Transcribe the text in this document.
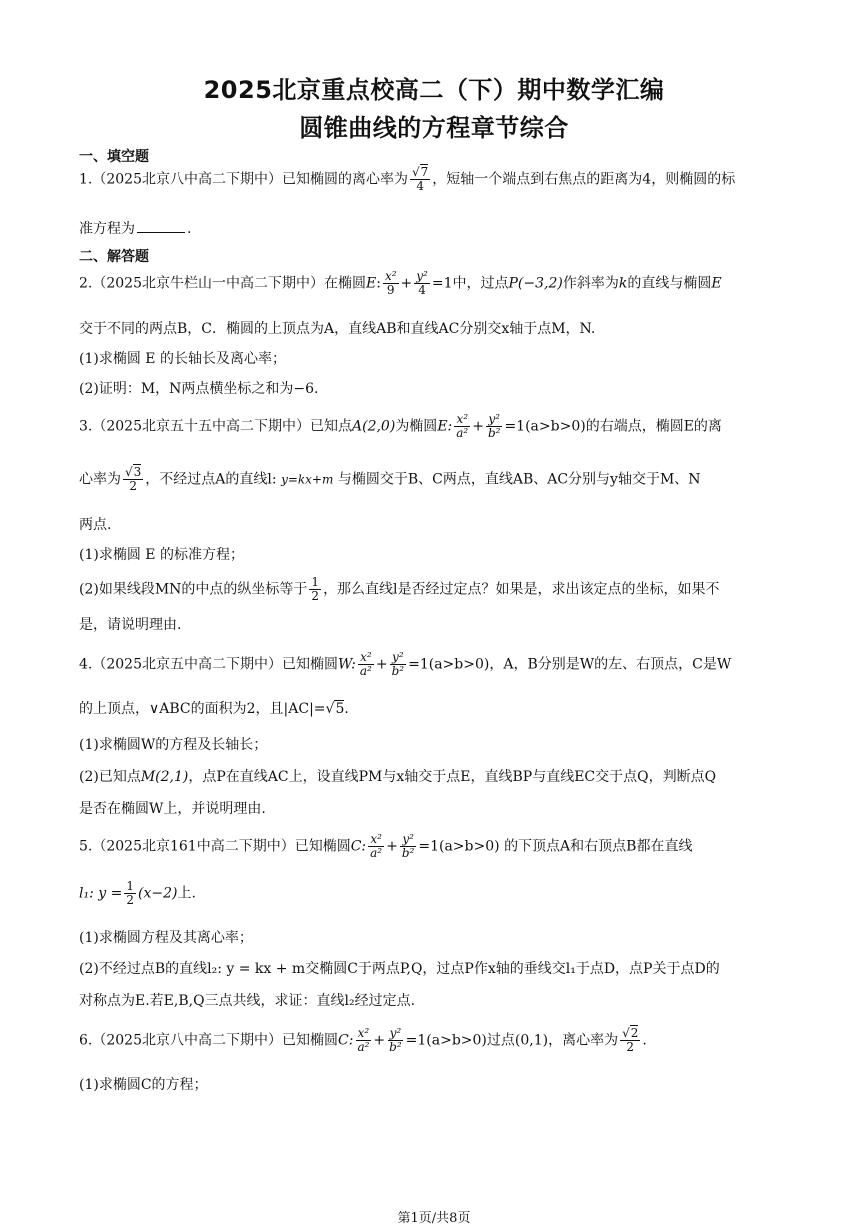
2025北京重点校高二（下）期中数学汇编
圆锥曲线的方程章节综合
一、填空题
1.（2025北京八中高二下期中）已知椭圆的离心率为 $\frac{√7}{4}$ ，短轴一个端点到右焦点的距离为4，则椭圆的标
准方程为	.
二、解答题
2.（2025北京牛栏山一中高二下期中）在椭圆E: $\frac{\text{x²}}{9} + \frac{\text{y²}}{4} =1$中，过点P(−3,2)作斜率为k的直线与椭圆E
交于不同的两点B，C．椭圆的上顶点为A，直线AB和直线AC分别交x轴于点M，N.
(1)求椭圆 E 的长轴长及离心率；
(2)证明：M，N两点横坐标之和为−6.
3.（2025北京五十五中高二下期中）已知点A(2,0)为椭圆E: $\frac{\text{x²}}{\text{a²}} + \frac{\text{y²}}{\text{b²}} =1(a>b>0)$的右端点，椭圆E的离
心率为 $\frac{√3}{2}$ ，不经过点A的直线l: y=kx+m 与椭圆交于B、C两点，直线AB、AC分别与y轴交于M、N
两点.
(1)求椭圆 E 的标准方程；
(2)如果线段MN的中点的纵坐标等于 $\frac{1}{2}$ ，那么直线l是否经过定点？如果是，求出该定点的坐标，如果不
是，请说明理由.
4.（2025北京五中高二下期中）已知椭圆W: $\frac{\text{x²}}{\text{a²}} + \frac{\text{y²}}{\text{b²}} =1(a>b>0)$，A，B分别是W的左、右顶点，C是W
的上顶点，∨ABC的面积为2，且|AC|=√5.
(1)求椭圆W的方程及长轴长；
(2)已知点M(2,1)，点P在直线AC上，设直线PM与x轴交于点E，直线BP与直线EC交于点Q，判断点Q
是否在椭圆W上，并说明理由.
5.（2025北京161中高二下期中）已知椭圆C: $\frac{\text{x²}}{\text{a²}} + \frac{\text{y²}}{\text{b²}} =1(a>b>0)$ 的下顶点A和右顶点B都在直线
l₁: $y = \frac{1}{2} (x-2)$上.
(1)求椭圆方程及其离心率；
(2)不经过点B的直线l₂: y = kx + m交椭圆C于两点P,Q，过点P作x轴的垂线交l₁于点D，点P关于点D的
对称点为E.若E,B,Q三点共线，求证：直线l₂经过定点.
6.（2025北京八中高二下期中）已知椭圆C: $\frac{\text{x²}}{\text{a²}} + \frac{\text{y²}}{\text{b²}} =1(a>b>0)$过点(0,1)，离心率为 $\frac{√2}{2}$ .
(1)求椭圆C的方程；
第1页/共8页
